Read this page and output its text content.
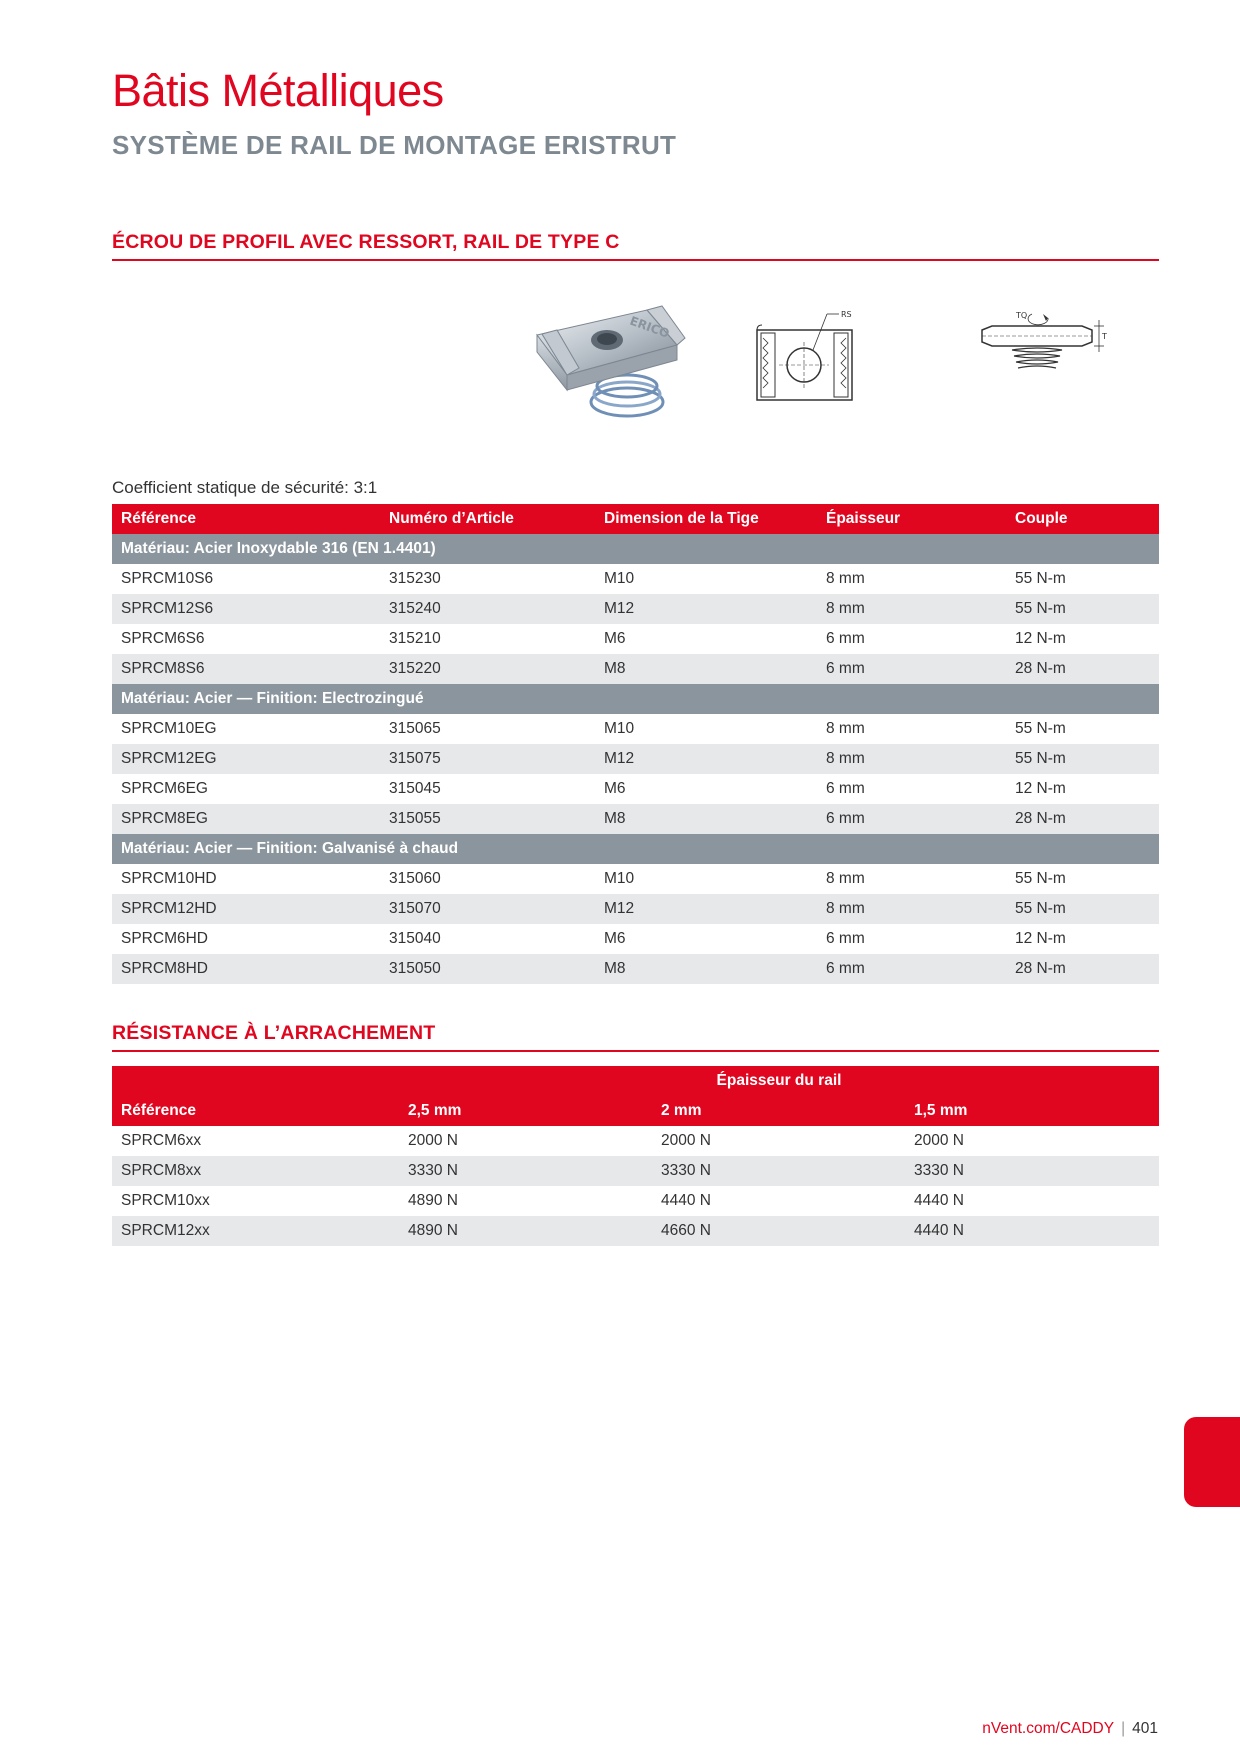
Bâtis Métalliques
SYSTÈME DE RAIL DE MONTAGE ERISTRUT
ÉCROU DE PROFIL AVEC RESSORT, RAIL DE TYPE C
ERICO	RS
T
TQ
Coefficient statique de sécurité: 3:1
Référence	Numéro d’Article	Dimension de la Tige	Épaisseur	Couple
Matériau: Acier Inoxydable 316 (EN 1.4401)				
SPRCM10S6	315230	M10	8 mm	55 N-m
SPRCM12S6	315240	M12	8 mm	55 N-m
SPRCM6S6	315210	M6	6 mm	12 N-m
SPRCM8S6	315220	M8	6 mm	28 N-m
Matériau: Acier — Finition: Electrozingué				
SPRCM10EG	315065	M10	8 mm	55 N-m
SPRCM12EG	315075	M12	8 mm	55 N-m
SPRCM6EG	315045	M6	6 mm	12 N-m
SPRCM8EG	315055	M8	6 mm	28 N-m
Matériau: Acier — Finition: Galvanisé à chaud				
SPRCM10HD	315060	M10	8 mm	55 N-m
SPRCM12HD	315070	M12	8 mm	55 N-m
SPRCM6HD	315040	M6	6 mm	12 N-m
SPRCM8HD	315050	M8	6 mm	28 N-m
RÉSISTANCE À L’ARRACHEMENT
	Épaisseur du rail		
Référence	2,5 mm	2 mm	1,5 mm
SPRCM6xx	2000 N	2000 N	2000 N
SPRCM8xx	3330 N	3330 N	3330 N
SPRCM10xx	4890 N	4440 N	4440 N
SPRCM12xx	4890 N	4660 N	4440 N
nVent.com/CADDY | 401
